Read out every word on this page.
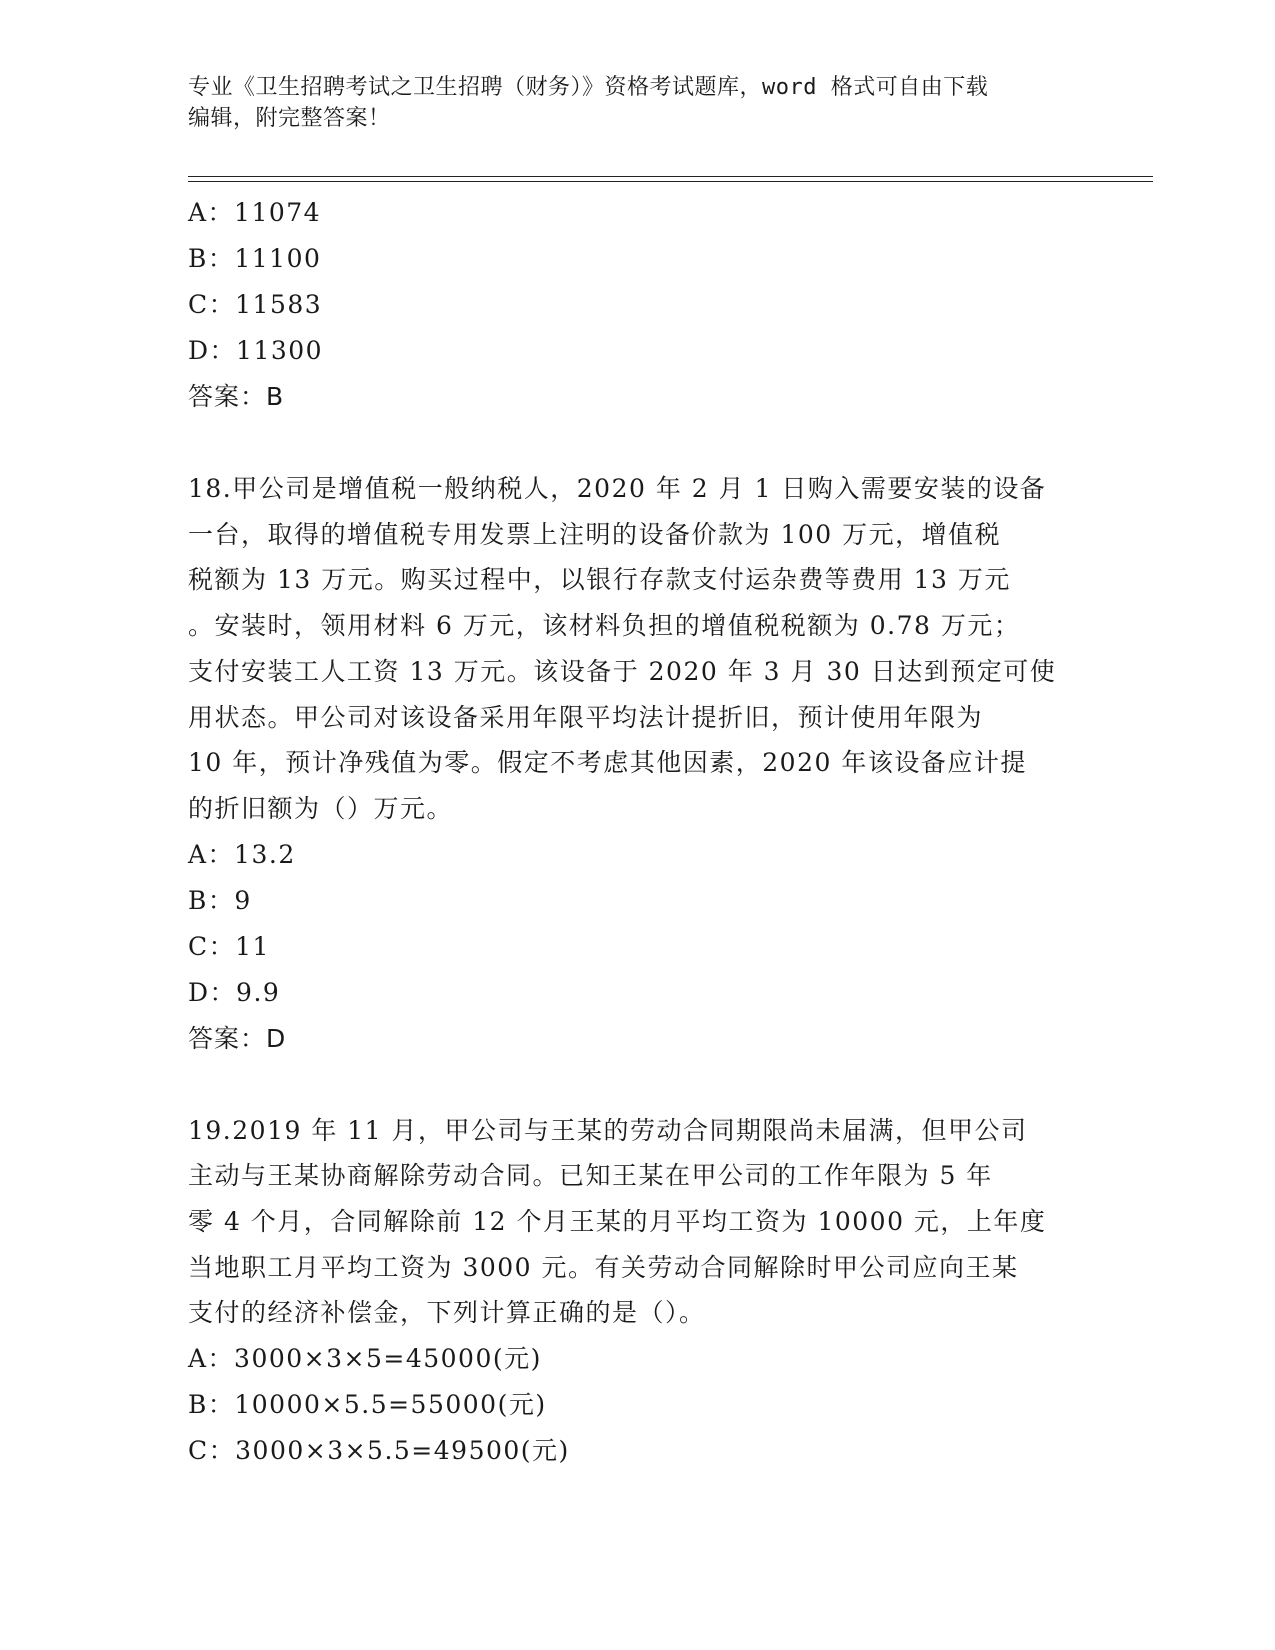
专业《卫生招聘考试之卫生招聘（财务）》资格考试题库，word 格式可自由下载
编辑，附完整答案！
A：11074
B：11100
C：11583
D：11300
答案：B
18.甲公司是增值税一般纳税人，2020 年 2 月 1 日购入需要安装的设备
一台，取得的增值税专用发票上注明的设备价款为 100 万元，增值税
税额为 13 万元。购买过程中，以银行存款支付运杂费等费用 13 万元
。安装时，领用材料 6 万元，该材料负担的增值税税额为 0.78 万元；
支付安装工人工资 13 万元。该设备于 2020 年 3 月 30 日达到预定可使
用状态。甲公司对该设备采用年限平均法计提折旧，预计使用年限为
10 年，预计净残值为零。假定不考虑其他因素，2020 年该设备应计提
的折旧额为（）万元。
A：13.2
B：9
C：11
D：9.9
答案：D
19.2019 年 11 月，甲公司与王某的劳动合同期限尚未届满，但甲公司
主动与王某协商解除劳动合同。已知王某在甲公司的工作年限为 5 年
零 4 个月，合同解除前 12 个月王某的月平均工资为 10000 元，上年度
当地职工月平均工资为 3000 元。有关劳动合同解除时甲公司应向王某
支付的经济补偿金，下列计算正确的是（）。
A：3000×3×5=45000(元)
B：10000×5.5=55000(元)
C：3000×3×5.5=49500(元)
